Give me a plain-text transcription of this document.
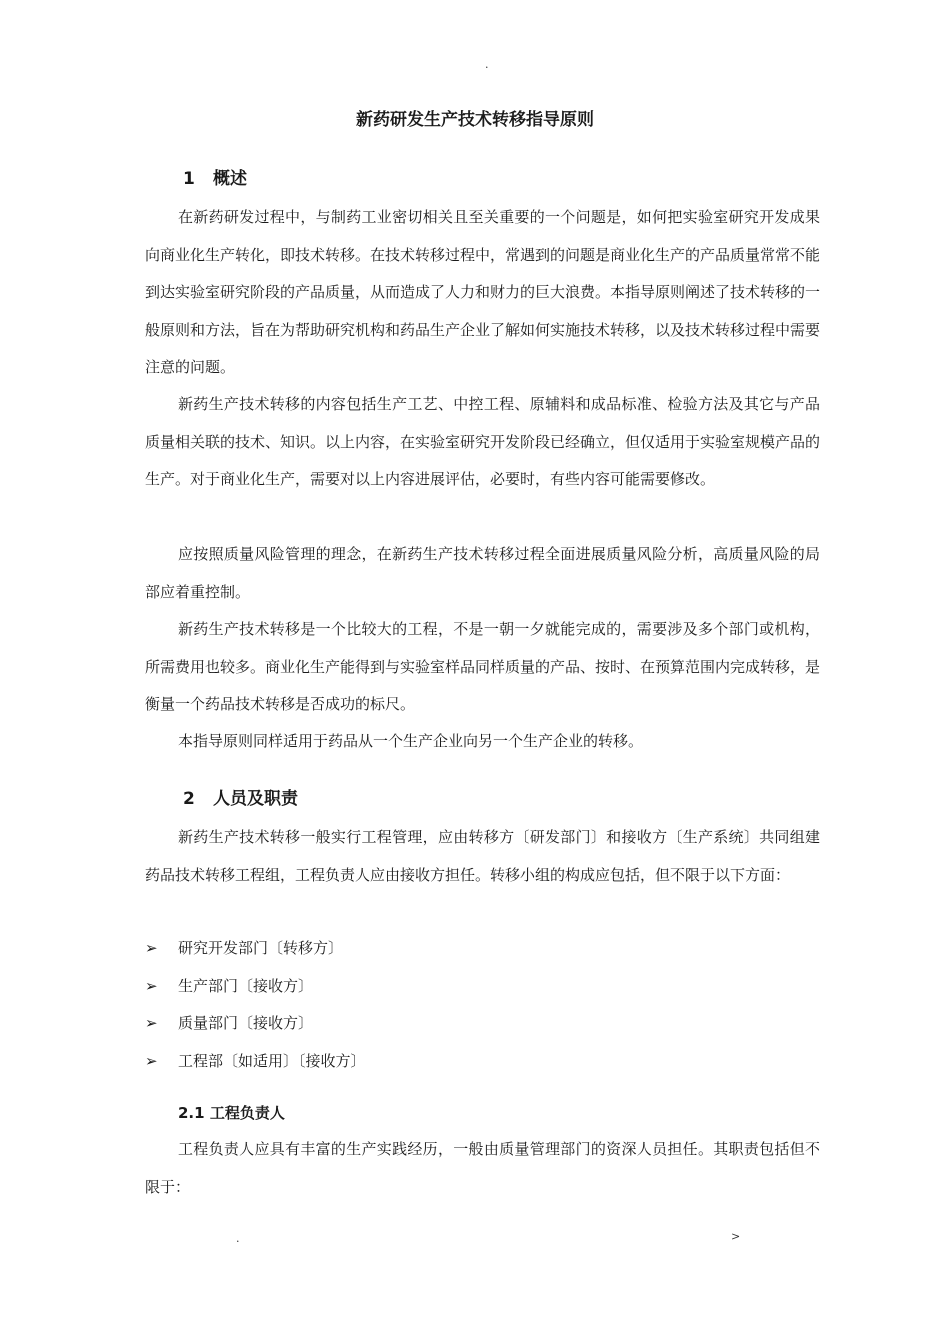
.
新药研发生产技术转移指导原则
1 概述

在新药研发过程中，与制药工业密切相关且至关重要的一个问题是，如何把实验室研究开发成果向商业化生产转化，即技术转移。在技术转移过程中，常遇到的问题是商业化生产的产品质量常常不能到达实验室研究阶段的产品质量，从而造成了人力和财力的巨大浪费。本指导原则阐述了技术转移的一般原则和方法，旨在为帮助研究机构和药品生产企业了解如何实施技术转移，以及技术转移过程中需要注意的问题。

新药生产技术转移的内容包括生产工艺、中控工程、原辅料和成品标准、检验方法及其它与产品质量相关联的技术、知识。以上内容，在实验室研究开发阶段已经确立，但仅适用于实验室规模产品的生产。对于商业化生产，需要对以上内容进展评估，必要时，有些内容可能需要修改。

应按照质量风险管理的理念，在新药生产技术转移过程全面进展质量风险分析，高质量风险的局部应着重控制。

新药生产技术转移是一个比较大的工程，不是一朝一夕就能完成的，需要涉及多个部门或机构，所需费用也较多。商业化生产能得到与实验室样品同样质量的产品、按时、在预算范围内完成转移，是衡量一个药品技术转移是否成功的标尺。

本指导原则同样适用于药品从一个生产企业向另一个生产企业的转移。

2 人员及职责

新药生产技术转移一般实行工程管理，应由转移方〔研发部门〕和接收方〔生产系统〕共同组建药品技术转移工程组，工程负责人应由接收方担任。转移小组的构成应包括，但不限于以下方面：

➢ 研究开发部门〔转移方〕
➢ 生产部门〔接收方〕
➢ 质量部门〔接收方〕
➢ 工程部〔如适用〕〔接收方〕
2.1 工程负责人

工程负责人应具有丰富的生产实践经历，一般由质量管理部门的资深人员担任。其职责包括但不限于：

.	>
